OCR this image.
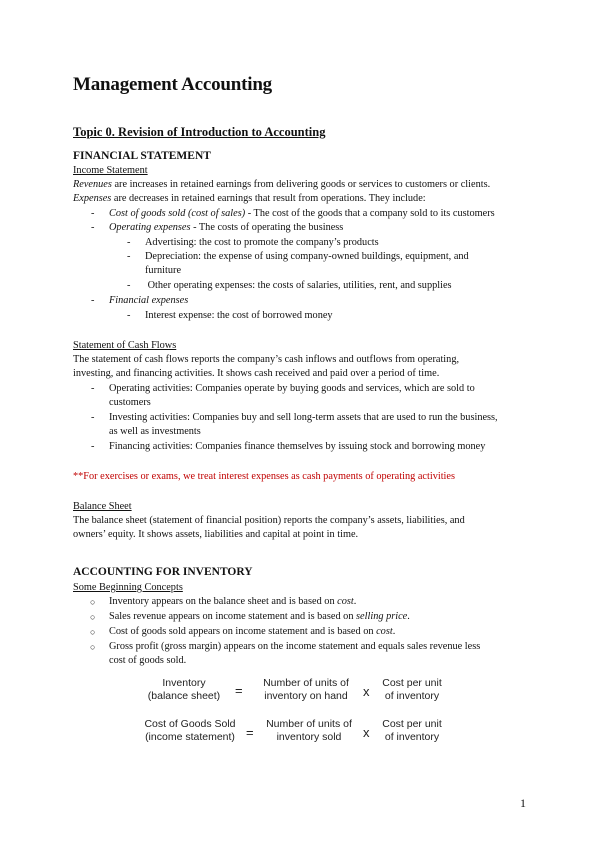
Management Accounting
Topic 0. Revision of Introduction to Accounting
FINANCIAL STATEMENT
Income Statement
Revenues are increases in retained earnings from delivering goods or services to customers or clients.
Expenses are decreases in retained earnings that result from operations. They include:
- Cost of goods sold (cost of sales) - The cost of the goods that a company sold to its customers
- Operating expenses - The costs of operating the business
- Advertising: the cost to promote the company’s products
- Depreciation: the expense of using company-owned buildings, equipment, and
furniture
- Other operating expenses: the costs of salaries, utilities, rent, and supplies
- Financial expenses
- Interest expense: the cost of borrowed money
Statement of Cash Flows
The statement of cash flows reports the company’s cash inflows and outflows from operating,
investing, and financing activities. It shows cash received and paid over a period of time.
- Operating activities: Companies operate by buying goods and services, which are sold to
customers
- Investing activities: Companies buy and sell long-term assets that are used to run the business,
as well as investments
- Financing activities: Companies finance themselves by issuing stock and borrowing money
**For exercises or exams, we treat interest expenses as cash payments of operating activities
Balance Sheet
The balance sheet (statement of financial position) reports the company’s assets, liabilities, and
owners’ equity. It shows assets, liabilities and capital at point in time.
ACCOUNTING FOR INVENTORY
Some Beginning Concepts
○ Inventory appears on the balance sheet and is based on cost.
○ Sales revenue appears on income statement and is based on selling price.
○ Cost of goods sold appears on income statement and is based on cost.
○ Gross profit (gross margin) appears on the income statement and equals sales revenue less
cost of goods sold.
Inventory
(balance sheet)	=	Number of units of
inventory on hand	x
Cost per unit
of inventory
Cost of Goods Sold
(income statement) =
Number of units of
inventory sold	x
Cost per unit
of inventory
1
